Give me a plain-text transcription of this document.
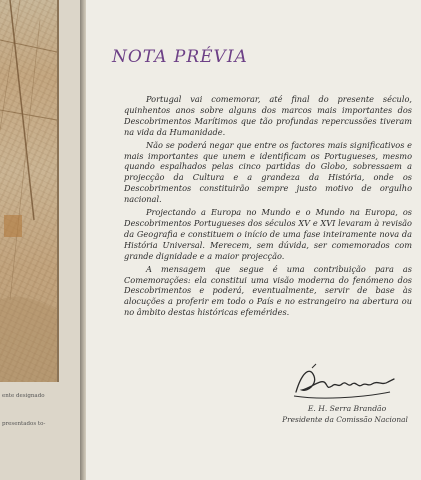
ente designado
presentados to-
NOTA PRÉVIA

Portugal vai comemorar, até final do presente século, quinhentos anos sobre alguns dos marcos mais importantes dos Descobrimentos Marítimos que tão profundas repercussões tiveram na vida da Humanidade.

Não se poderá negar que entre os factores mais significativos e mais importantes que unem e identificam os Portugueses, mesmo quando espalhados pelas cinco partidas do Globo, sobressaem a projecção da Cultura e a grandeza da História, onde os Descobrimentos constituirão sempre justo motivo de orgulho nacional.

Projectando a Europa no Mundo e o Mundo na Europa, os Descobrimentos Portugueses dos séculos XV e XVI levaram à revisão da Geografia e constituem o início de uma fase inteiramente nova da História Universal. Merecem, sem dúvida, ser comemorados com grande dignidade e a maior projecção.

A mensagem que segue é uma contribuição para as Comemorações: ela constitui uma visão moderna do fenómeno dos Descobrimentos e poderá, eventualmente, servir de base às alocuções a proferir em todo o País e no estrangeiro na abertura ou no âmbito destas históricas efemérides.

E. H. Serra Brandão
Presidente da Comissão Nacional
